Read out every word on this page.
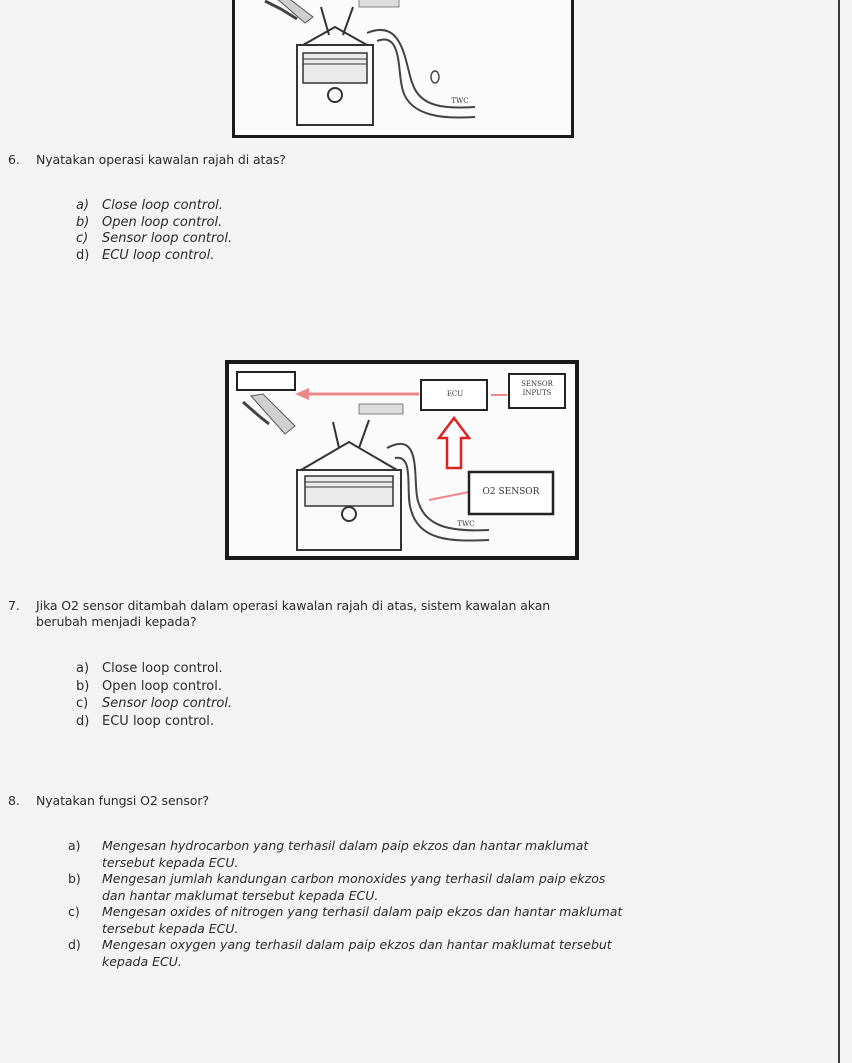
TWC
6. Nyatakan operasi kawalan rajah di atas?
a) Close loop control.
b) Open loop control.
c)	Sensor loop control.
d) ECU loop control.
ECU
SENSOR INPUTS
O2 SENSOR
TWC
7. Jika O2 sensor ditambah dalam operasi kawalan rajah di atas, sistem kawalan akan
berubah menjadi kepada?
a) Close loop control.
b) Open loop control.
c)	Sensor loop control.
d) ECU loop control.
8. Nyatakan fungsi O2 sensor?
a)	Mengesan hydrocarbon yang terhasil dalam paip ekzos dan hantar maklumat
tersebut kepada ECU.
b)	Mengesan jumlah kandungan carbon monoxides yang terhasil dalam paip ekzos
dan hantar maklumat tersebut kepada ECU.
c)	Mengesan oxides of nitrogen yang terhasil dalam paip ekzos dan hantar maklumat
tersebut kepada ECU.
d)	Mengesan oxygen yang terhasil dalam paip ekzos dan hantar maklumat tersebut
kepada ECU.
